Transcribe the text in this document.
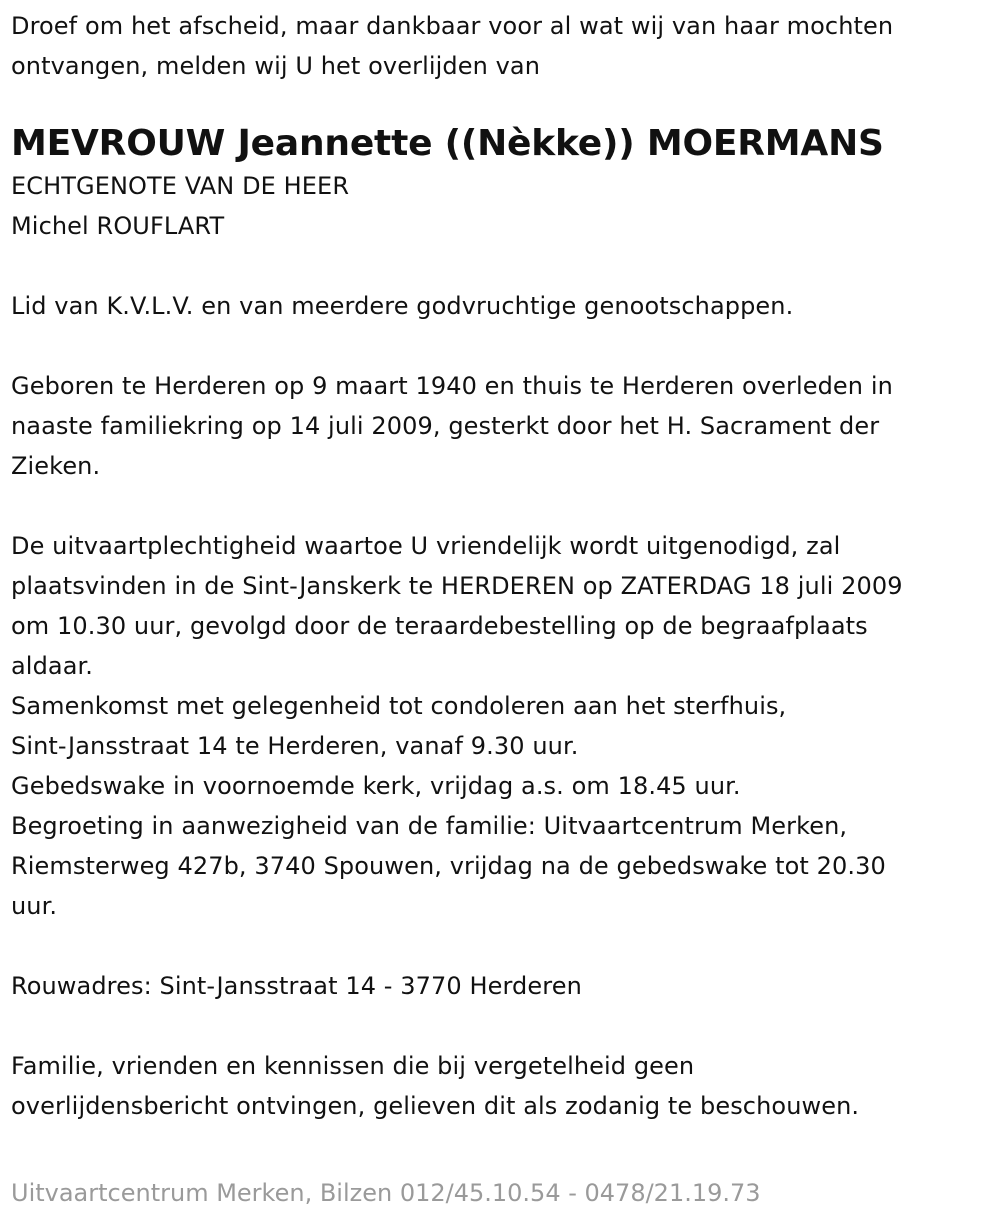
Droef om het afscheid, maar dankbaar voor al wat wij van haar mochten
ontvangen, melden wij U het overlijden van
MEVROUW Jeannette ((Nèkke)) MOERMANS
ECHTGENOTE VAN DE HEER
Michel ROUFLART
Lid van K.V.L.V. en van meerdere godvruchtige genootschappen.
Geboren te Herderen op 9 maart 1940 en thuis te Herderen overleden in
naaste familiekring op 14 juli 2009, gesterkt door het H. Sacrament der
Zieken.
De uitvaartplechtigheid waartoe U vriendelijk wordt uitgenodigd, zal
plaatsvinden in de Sint-Janskerk te HERDEREN op ZATERDAG 18 juli 2009
om 10.30 uur, gevolgd door de teraardebestelling op de begraafplaats
aldaar.
Samenkomst met gelegenheid tot condoleren aan het sterfhuis,
Sint-Jansstraat 14 te Herderen, vanaf 9.30 uur.
Gebedswake in voornoemde kerk, vrijdag a.s. om 18.45 uur.
Begroeting in aanwezigheid van de familie: Uitvaartcentrum Merken,
Riemsterweg 427b, 3740 Spouwen, vrijdag na de gebedswake tot 20.30
uur.
Rouwadres: Sint-Jansstraat 14 - 3770 Herderen
Familie, vrienden en kennissen die bij vergetelheid geen
overlijdensbericht ontvingen, gelieven dit als zodanig te beschouwen.
Uitvaartcentrum Merken, Bilzen 012/45.10.54 - 0478/21.19.73
